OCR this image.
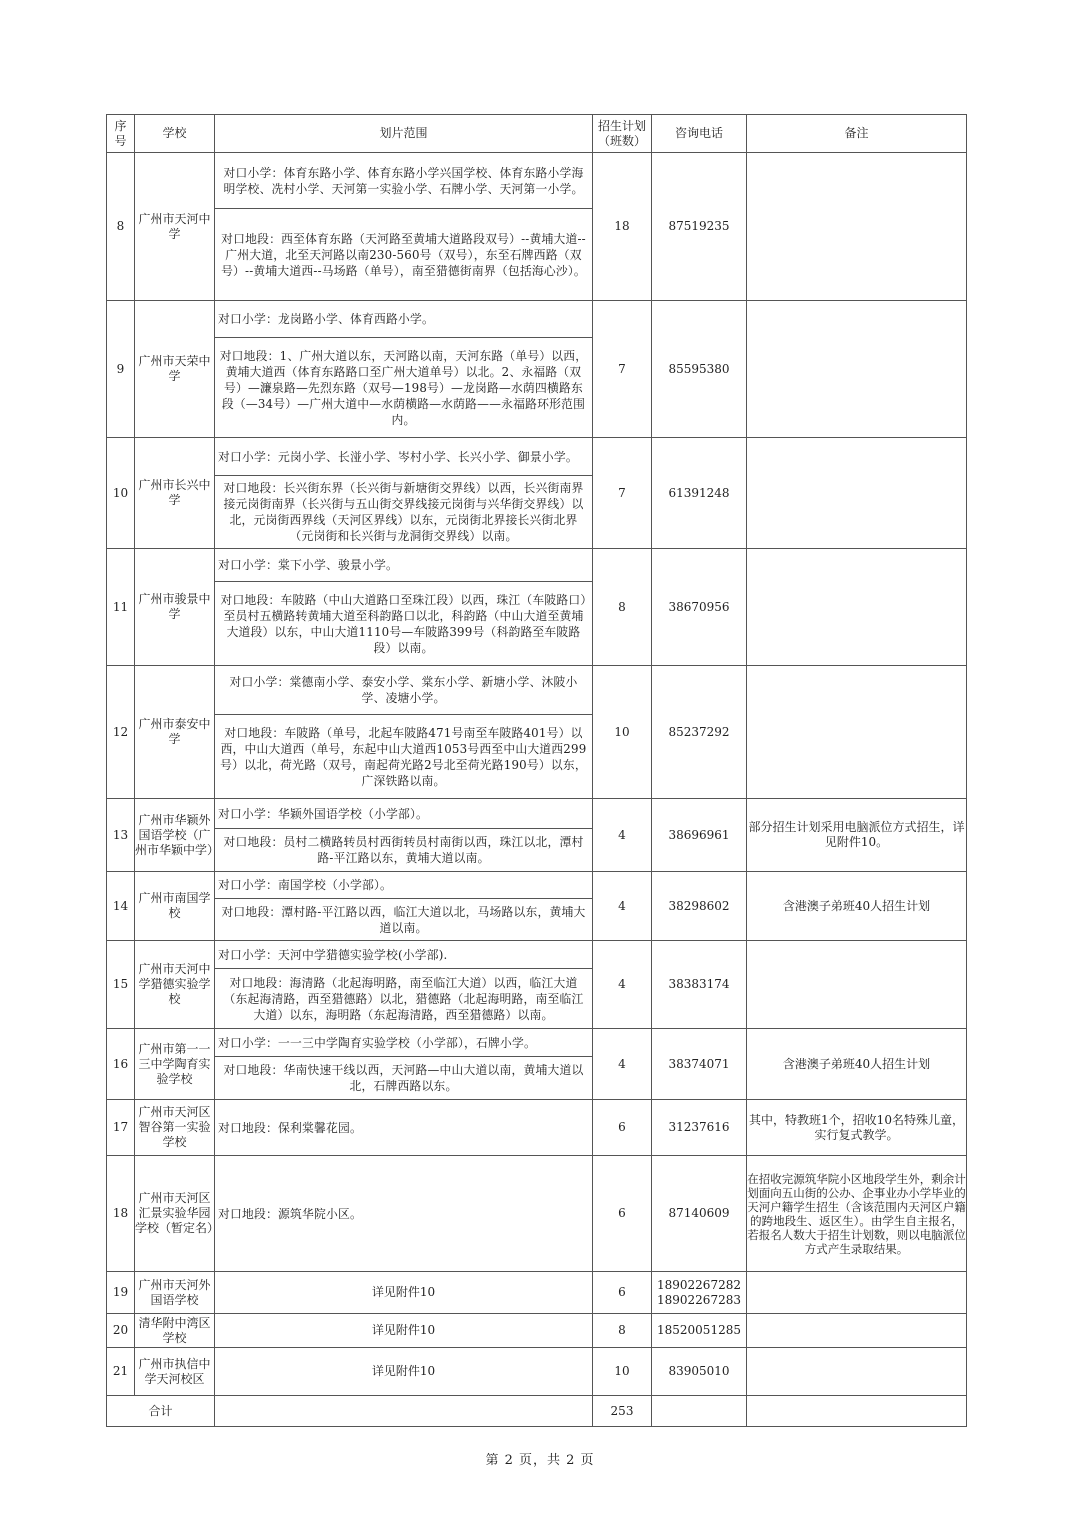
序号	学校	划片范围	招生计划（班数）	咨询电话	备注
8	广州市天河中学	对口小学：体育东路小学、体育东路小学兴国学校、体育东路小学海明学校、冼村小学、天河第一实验小学、石牌小学、天河第一小学。
对口地段：西至体育东路（天河路至黄埔大道路段双号）--黄埔大道--广州大道，北至天河路以南230-560号（双号），东至石牌西路（双号）--黄埔大道西--马场路（单号），南至猎德街南界（包括海心沙）。	18	87519235	
9	广州市天荣中学	对口小学：龙岗路小学、体育西路小学。
对口地段：1、广州大道以东，天河路以南，天河东路（单号）以西，黄埔大道西（体育东路路口至广州大道单号）以北。2、永福路（双号）—濂泉路—先烈东路（双号—198号）—龙岗路—水荫四横路东段（—34号）—广州大道中—水荫横路—水荫路——永福路环形范围内。	7	85595380	
10	广州市长兴中学	对口小学：元岗小学、长湴小学、岑村小学、长兴小学、御景小学。
对口地段：长兴街东界（长兴街与新塘街交界线）以西，长兴街南界接元岗街南界（长兴街与五山街交界线接元岗街与兴华街交界线）以北，元岗街西界线（天河区界线）以东，元岗街北界接长兴街北界（元岗街和长兴街与龙洞街交界线）以南。	7	61391248	
11	广州市骏景中学	对口小学：棠下小学、骏景小学。
对口地段：车陂路（中山大道路口至珠江段）以西，珠江（车陂路口）至员村五横路转黄埔大道至科韵路口以北，科韵路（中山大道至黄埔大道段）以东，中山大道1110号—车陂路399号（科韵路至车陂路段）以南。	8	38670956	
12	广州市泰安中学	对口小学：棠德南小学、泰安小学、棠东小学、新塘小学、沐陂小学、凌塘小学。
对口地段：车陂路（单号，北起车陂路471号南至车陂路401号）以西，中山大道西（单号，东起中山大道西1053号西至中山大道西299号）以北，荷光路（双号，南起荷光路2号北至荷光路190号）以东，广深铁路以南。	10	85237292	
13	广州市华颖外国语学校（广州市华颖中学）	对口小学：华颖外国语学校（小学部）。
对口地段：员村二横路转员村西街转员村南街以西，珠江以北，潭村路-平江路以东，黄埔大道以南。	4	38696961	部分招生计划采用电脑派位方式招生，详见附件10。
14	广州市南国学校	对口小学：南国学校（小学部）。
对口地段：潭村路-平江路以西，临江大道以北，马场路以东，黄埔大道以南。	4	38298602	含港澳子弟班40人招生计划
15	广州市天河中学猎德实验学校	对口小学：天河中学猎德实验学校(小学部).
对口地段：海清路（北起海明路，南至临江大道）以西，临江大道（东起海清路，西至猎德路）以北，猎德路（北起海明路，南至临江大道）以东，海明路（东起海清路，西至猎德路）以南。	4	38383174	
16	广州市第一一三中学陶育实验学校	对口小学：一一三中学陶育实验学校（小学部），石牌小学。
对口地段：华南快速干线以西，天河路—中山大道以南，黄埔大道以北，石牌西路以东。	4	38374071	含港澳子弟班40人招生计划
17	广州市天河区智谷第一实验学校	对口地段：保利棠馨花园。	6	31237616	其中，特教班1个，招收10名特殊儿童，实行复式教学。
18	广州市天河区汇景实验华园学校（暂定名）	对口地段：源筑华院小区。	6	87140609	在招收完源筑华院小区地段学生外，剩余计划面向五山街的公办、企事业办小学毕业的天河户籍学生招生（含该范围内天河区户籍的跨地段生、返区生）。由学生自主报名，若报名人数大于招生计划数，则以电脑派位方式产生录取结果。
19	广州市天河外国语学校	详见附件10	6	18902267282
18902267283	

20	清华附中湾区学校	详见附件10	8	18520051285	
21	广州市执信中学天河校区	详见附件10	10	83905010	
合计			253		
第 2 页，共 2 页
